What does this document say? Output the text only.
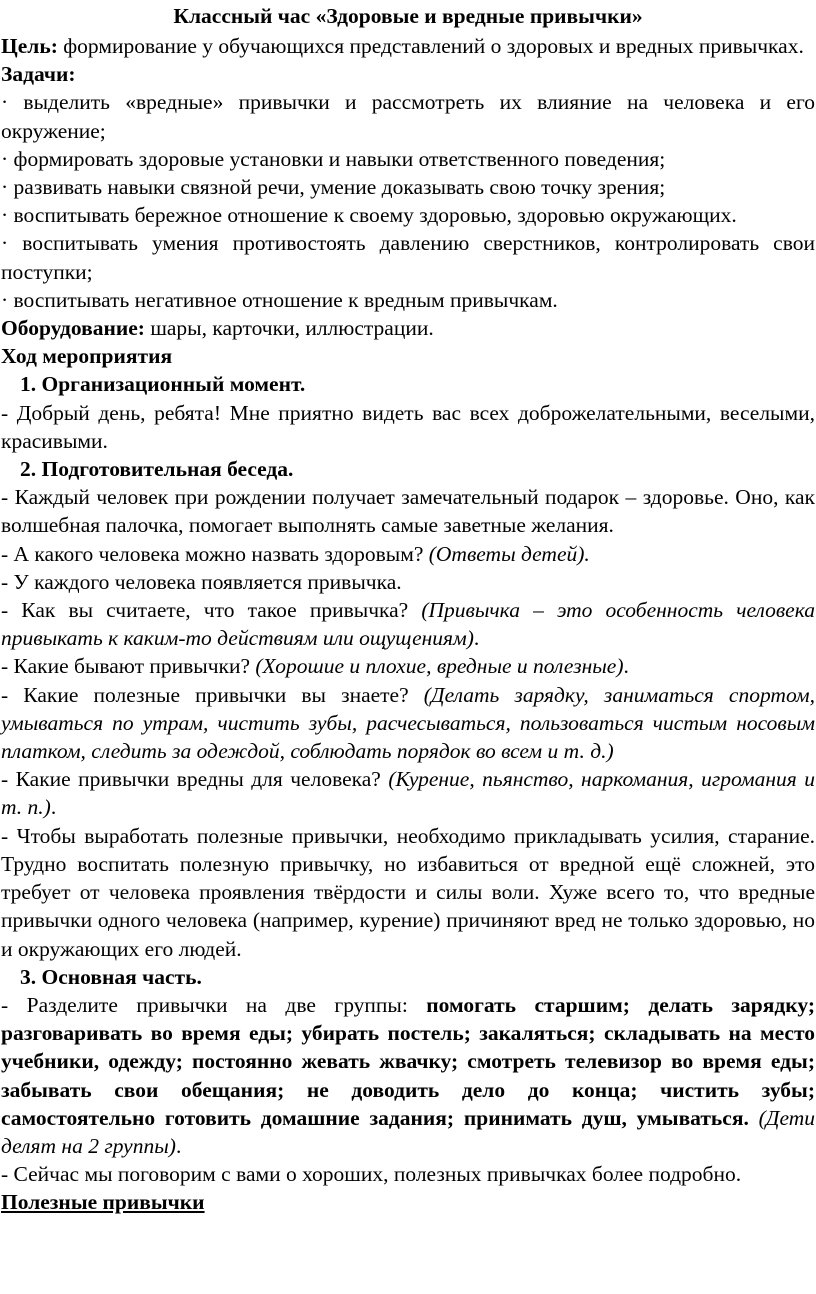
Классный час «Здоровые и вредные привычки»

Цель: формирование у обучающихся представлений о здоровых и вредных привычках.

Задачи:

· выделить «вредные» привычки и рассмотреть их влияние на человека и его окружение;

· формировать здоровые установки и навыки ответственного поведения;

· развивать навыки связной речи, умение доказывать свою точку зрения;

· воспитывать бережное отношение к своему здоровью, здоровью окружающих.

· воспитывать умения противостоять давлению сверстников, контролировать свои поступки;

· воспитывать негативное отношение к вредным привычкам.

Оборудование: шары, карточки, иллюстрации.

Ход мероприятия

1. Организационный момент.

- Добрый день, ребята! Мне приятно видеть вас всех доброжелательными, веселыми, красивыми.

2. Подготовительная беседа.

- Каждый человек при рождении получает замечательный подарок – здоровье. Оно, как волшебная палочка, помогает выполнять самые заветные желания.

- А какого человека можно назвать здоровым? (Ответы детей).

- У каждого человека появляется привычка.

- Как вы считаете, что такое привычка? (Привычка – это особенность человека привыкать к каким-то действиям или ощущениям).

- Какие бывают привычки? (Хорошие и плохие, вредные и полезные).

- Какие полезные привычки вы знаете? (Делать зарядку, заниматься спортом, умываться по утрам, чистить зубы, расчесываться, пользоваться чистым носовым платком, следить за одеждой, соблюдать порядок во всем и т. д.)

- Какие привычки вредны для человека? (Курение, пьянство, наркомания, игромания и т. п.).

- Чтобы выработать полезные привычки, необходимо прикладывать усилия, старание. Трудно воспитать полезную привычку, но избавиться от вредной ещё сложней, это требует от человека проявления твёрдости и силы воли. Хуже всего то, что вредные привычки одного человека (например, курение) причиняют вред не только здоровью, но и окружающих его людей.

3. Основная часть.

- Разделите привычки на две группы: помогать старшим; делать зарядку; разговаривать во время еды; убирать постель; закаляться; складывать на место учебники, одежду; постоянно жевать жвачку; смотреть телевизор во время еды; забывать свои обещания; не доводить дело до конца; чистить зубы; самостоятельно готовить домашние задания; принимать душ, умываться. (Дети делят на 2 группы).

- Сейчас мы поговорим с вами о хороших, полезных привычках более подробно.

Полезные привычки
